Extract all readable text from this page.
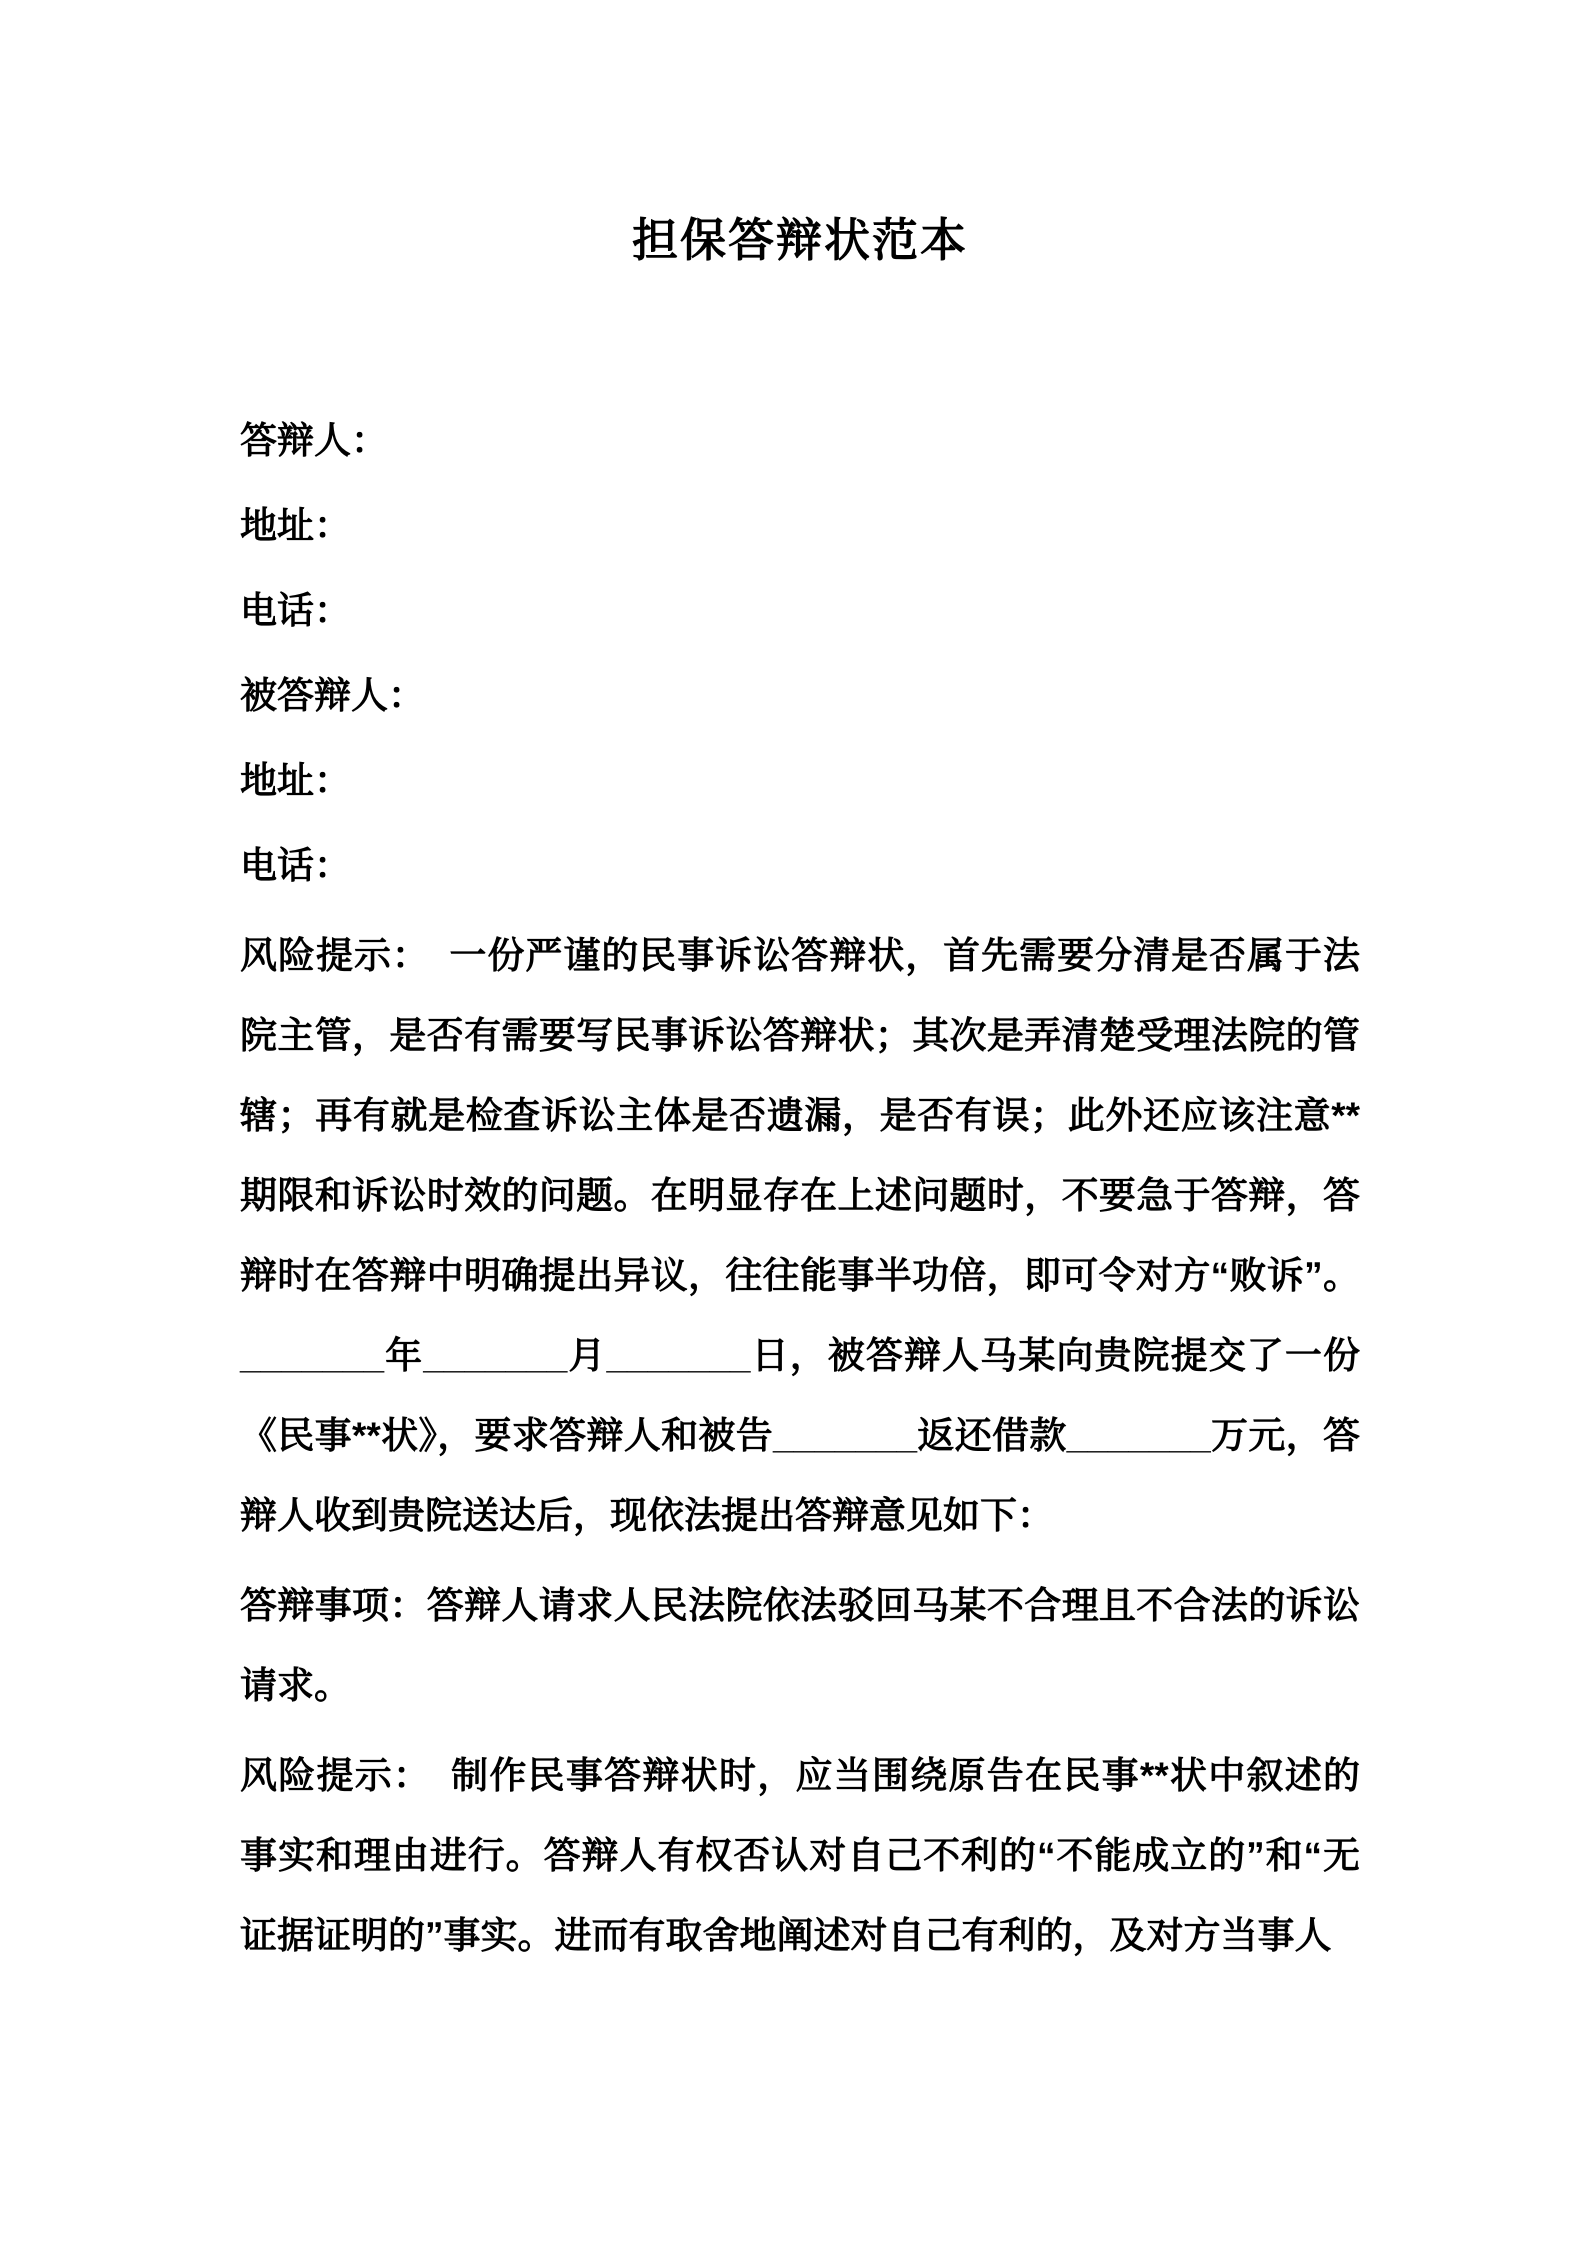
担保答辩状范本
答辩人：
地址：
电话：
被答辩人：
地址：
电话：

风险提示：　一份严谨的民事诉讼答辩状，首先需要分清是否属于法院主管，是否有需要写民事诉讼答辩状；其次是弄清楚受理法院的管辖；再有就是检查诉讼主体是否遗漏，是否有误；此外还应该注意**期限和诉讼时效的问题。在明显存在上述问题时，不要急于答辩，答辩时在答辩中明确提出异议，往往能事半功倍，即可令对方“败诉”。_______年_______月_______日，被答辩人马某向贵院提交了一份《民事**状》，要求答辩人和被告_______返还借款_______万元，答辩人收到贵院送达后，现依法提出答辩意见如下：

答辩事项：答辩人请求人民法院依法驳回马某不合理且不合法的诉讼请求。

风险提示：　制作民事答辩状时，应当围绕原告在民事**状中叙述的事实和理由进行。答辩人有权否认对自己不利的“不能成立的”和“无证据证明的”事实。进而有取舍地阐述对自己有利的，及对方当事人
